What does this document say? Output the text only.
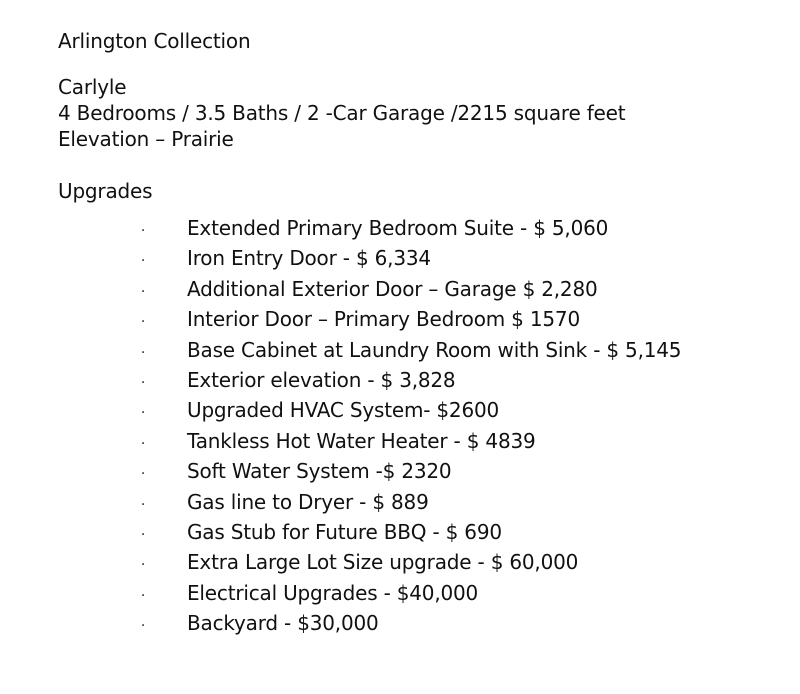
Arlington Collection
Carlyle
4 Bedrooms / 3.5 Baths / 2 -Car Garage /2215 square feet
Elevation – Prairie
Upgrades
· Extended Primary Bedroom Suite - $ 5,060
· Iron Entry Door - $ 6,334
· Additional Exterior Door – Garage $ 2,280
· Interior Door – Primary Bedroom $ 1570
· Base Cabinet at Laundry Room with Sink - $ 5,145
· Exterior elevation - $ 3,828
· Upgraded HVAC System- $2600
· Tankless Hot Water Heater - $ 4839
· Soft Water System -$ 2320
· Gas line to Dryer - $ 889
· Gas Stub for Future BBQ - $ 690
· Extra Large Lot Size upgrade - $ 60,000
· Electrical Upgrades - $40,000
· Backyard - $30,000
